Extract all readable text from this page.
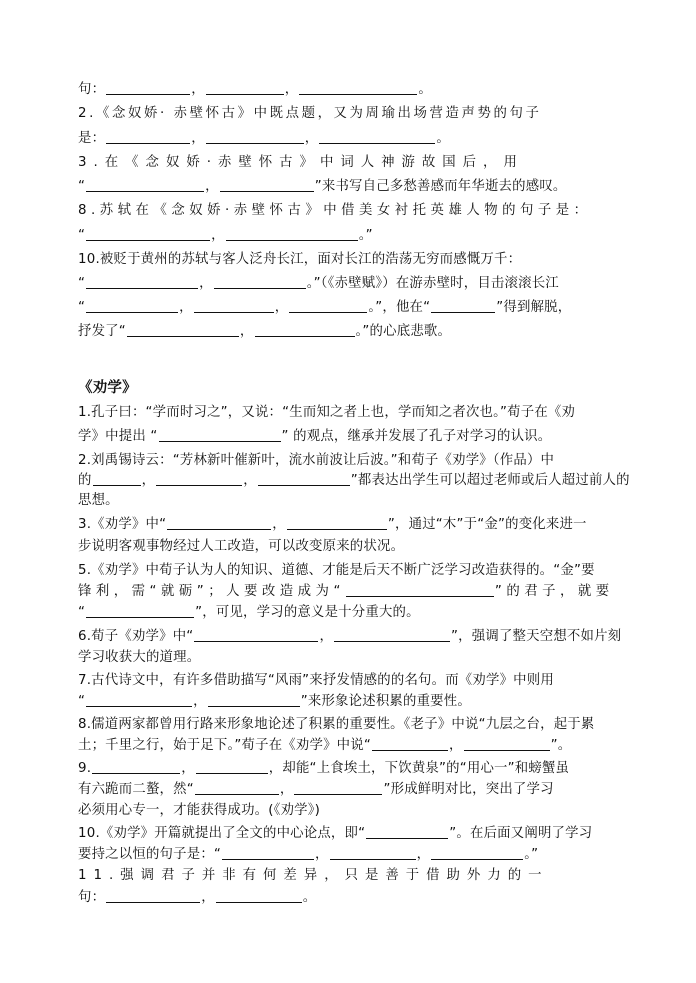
句：	，	，	。
2.《念奴娇· 赤壁怀古》中既点题，又为周瑜出场营造声势的句子
是：	，	，	。
3.在《念奴娇·赤壁怀古》中词人神游故国后，用
“	，	”来书写自己多愁善感而年华逝去的感叹。
8.苏轼在《念奴娇·赤壁怀古》中借美女衬托英雄人物的句子是：
“	，	。”
10.被贬于黄州的苏轼与客人泛舟长江，面对长江的浩荡无穷而感慨万千：
“	，	。”（《赤壁赋》）在游赤壁时，目击滚滚长江
“	，	，	。”，他在“	”得到解脱，
抒发了“	，	。”的心底悲歌。
《劝学》
1.孔子曰：“学而时习之”，又说：“生而知之者上也，学而知之者次也。”荀子在《劝
学》中提出 “	” 的观点，继承并发展了孔子对学习的认识。
2.刘禹锡诗云：“芳林新叶催新叶，流水前波让后波。”和荀子《劝学》（作品）中
的	，	，	”都表达出学生可以超过老师或后人超过前人的
思想。
3.《劝学》中“	，	”，通过“木”于“金”的变化来进一
步说明客观事物经过人工改造，可以改变原来的状况。
5.《劝学》中荀子认为人的知识、道德、才能是后天不断广泛学习改造获得的。“金”要
锋利，需“就砺”；人要改造成为“	”的君子，就要
“	”，可见，学习的意义是十分重大的。
6.荀子《劝学》中“	，	”，强调了整天空想不如片刻
学习收获大的道理。
7.古代诗文中，有许多借助描写“风雨”来抒发情感的的名句。而《劝学》中则用
“	，	”来形象论述积累的重要性。
8.儒道两家都曾用行路来形象地论述了积累的重要性。《老子》中说“九层之台，起于累
土；千里之行，始于足下。”荀子在《劝学》中说“	，	”。
9.	，	，却能“上食埃土，下饮黄泉”的“用心一”和螃蟹虽
有六跪而二螯，然“	，	”形成鲜明对比，突出了学习
必须用心专一，才能获得成功。(《劝学》)
10.《劝学》开篇就提出了全文的中心论点，即“	”。在后面又阐明了学习
要持之以恒的句子是：“	，	，	。”
11.强调君子并非有何差异，只是善于借助外力的一
句：	，	。
